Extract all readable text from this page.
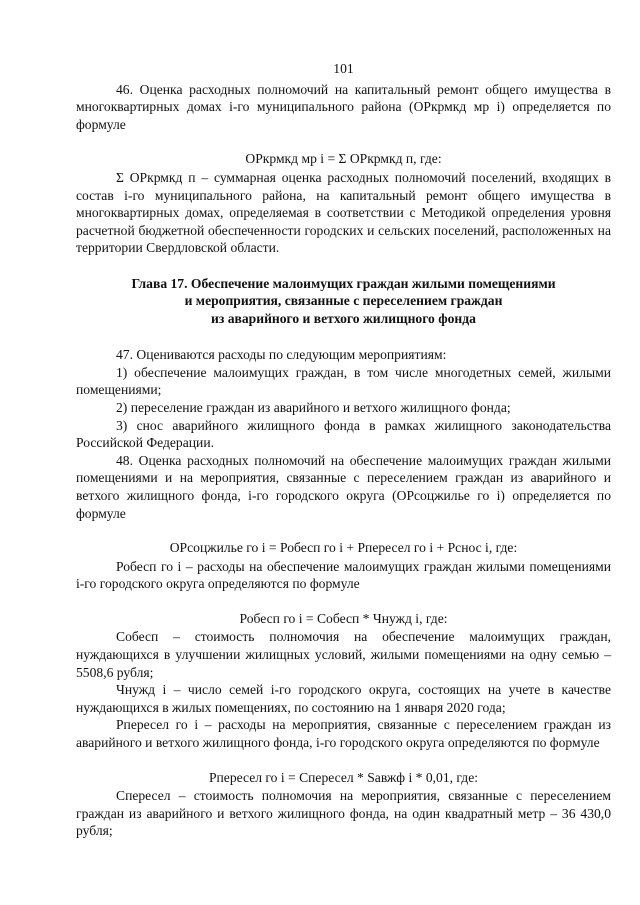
101

46. Оценка расходных полномочий на капитальный ремонт общего имущества в многоквартирных домах i-го муниципального района (ОРкрмкд мр i) определяется по формуле

ОРкрмкд мр i = Σ ОРкрмкд п, где:

Σ ОРкрмкд п – суммарная оценка расходных полномочий поселений, входящих в состав i-го муниципального района, на капитальный ремонт общего имущества в многоквартирных домах, определяемая в соответствии с Методикой определения уровня расчетной бюджетной обеспеченности городских и сельских поселений, расположенных на территории Свердловской области.

Глава 17. Обеспечение малоимущих граждан жилыми помещениями
и мероприятия, связанные с переселением граждан
из аварийного и ветхого жилищного фонда

47. Оцениваются расходы по следующим мероприятиям:

1) обеспечение малоимущих граждан, в том числе многодетных семей, жилыми помещениями;

2) переселение граждан из аварийного и ветхого жилищного фонда;

3) снос аварийного жилищного фонда в рамках жилищного законодательства Российской Федерации.

48. Оценка расходных полномочий на обеспечение малоимущих граждан жилыми помещениями и на мероприятия, связанные с переселением граждан из аварийного и ветхого жилищного фонда, i-го городского округа (ОРсоцжилье го i) определяется по формуле

ОРсоцжилье го i = Робесп го i + Рпересел го i + Рснос i, где:

Робесп го i – расходы на обеспечение малоимущих граждан жилыми помещениями i-го городского округа определяются по формуле

Робесп го i = Собесп * Чнужд i, где:

Собесп – стоимость полномочия на обеспечение малоимущих граждан, нуждающихся в улучшении жилищных условий, жилыми помещениями на одну семью – 5508,6 рубля;

Чнужд i – число семей i-го городского округа, состоящих на учете в качестве нуждающихся в жилых помещениях, по состоянию на 1 января 2020 года;

Рпересел го i – расходы на мероприятия, связанные с переселением граждан из аварийного и ветхого жилищного фонда, i-го городского округа определяются по формуле

Рпересел го i = Спересел * Sавжф i * 0,01, где:

Спересел – стоимость полномочия на мероприятия, связанные с переселением граждан из аварийного и ветхого жилищного фонда, на один квадратный метр – 36 430,0 рубля;
